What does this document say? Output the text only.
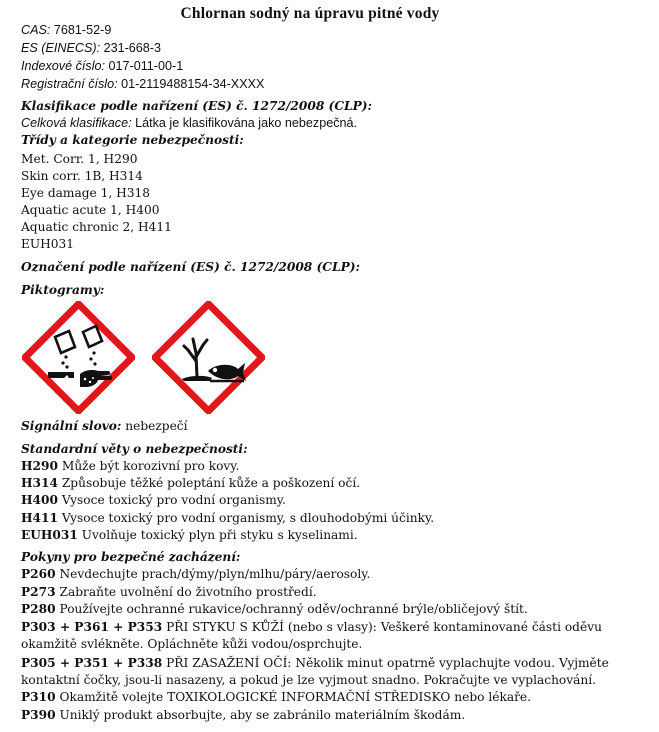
Chlornan sodný na úpravu pitné vody
CAS: 7681-52-9
ES (EINECS): 231-668-3
Indexové číslo: 017-011-00-1
Registrační číslo: 01-2119488154-34-XXXX
Klasifikace podle nařízení (ES) č. 1272/2008 (CLP):
Celková klasifikace: Látka je klasifikována jako nebezpečná.
Třídy a kategorie nebezpečnosti:
Met. Corr. 1, H290
Skin corr. 1B, H314
Eye damage 1, H318
Aquatic acute 1, H400
Aquatic chronic 2, H411
EUH031
Označení podle nařízení (ES) č. 1272/2008 (CLP):
Piktogramy:
Signální slovo: nebezpečí
Standardní věty o nebezpečnosti:
H290 Může být korozivní pro kovy.
H314 Způsobuje těžké poleptání kůže a poškození očí.
H400 Vysoce toxický pro vodní organismy.
H411 Vysoce toxický pro vodní organismy, s dlouhodobými účinky.
EUH031 Uvolňuje toxický plyn při styku s kyselinami.
Pokyny pro bezpečné zacházení:
P260 Nevdechujte prach/dýmy/plyn/mlhu/páry/aerosoly.
P273 Zabraňte uvolnění do životního prostředí.
P280 Používejte ochranné rukavice/ochranný oděv/ochranné brýle/obličejový štít.
P303 + P361 + P353 PŘI STYKU S KŮŽÍ (nebo s vlasy): Veškeré kontaminované části oděvu
okamžitě svlékněte. Opláchněte kůži vodou/osprchujte.
P305 + P351 + P338 PŘI ZASAŽENÍ OČÍ: Několik minut opatrně vyplachujte vodou. Vyjměte
kontaktní čočky, jsou-li nasazeny, a pokud je lze vyjmout snadno. Pokračujte ve vyplachování.
P310 Okamžitě volejte TOXIKOLOGICKÉ INFORMAČNÍ STŘEDISKO nebo lékaře.
P390 Uniklý produkt absorbujte, aby se zabránilo materiálním škodám.
